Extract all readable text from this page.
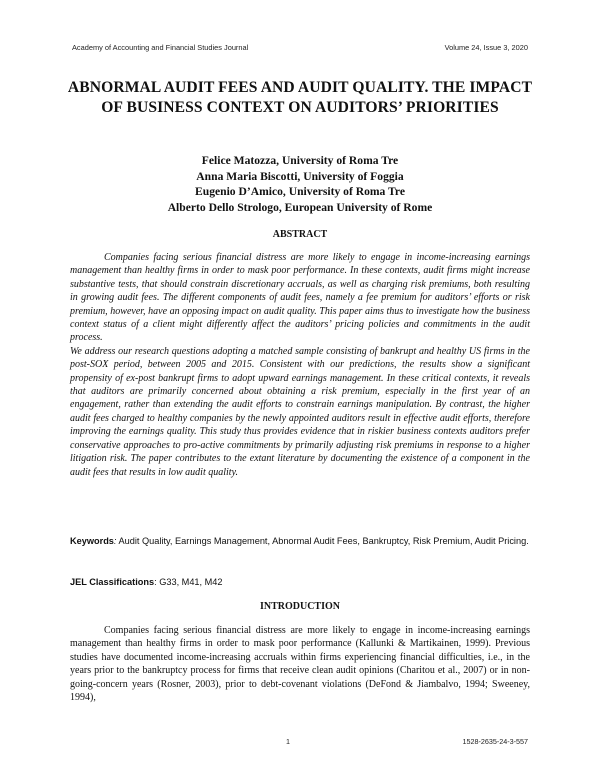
Academy of Accounting and Financial Studies Journal	Volume 24, Issue 3, 2020
ABNORMAL AUDIT FEES AND AUDIT QUALITY. THE IMPACT OF BUSINESS CONTEXT ON AUDITORS’ PRIORITIES
Felice Matozza, University of Roma Tre
Anna Maria Biscotti, University of Foggia
Eugenio D’Amico, University of Roma Tre
Alberto Dello Strologo, European University of Rome
ABSTRACT

Companies facing serious financial distress are more likely to engage in income-increasing earnings management than healthy firms in order to mask poor performance. In these contexts, audit firms might increase substantive tests, that should constrain discretionary accruals, as well as charging risk premiums, both resulting in growing audit fees. The different components of audit fees, namely a fee premium for auditors’ efforts or risk premium, however, have an opposing impact on audit quality. This paper aims thus to investigate how the business context status of a client might differently affect the auditors’ pricing policies and commitments in the audit process.

We address our research questions adopting a matched sample consisting of bankrupt and healthy US firms in the post-SOX period, between 2005 and 2015. Consistent with our predictions, the results show a significant propensity of ex-post bankrupt firms to adopt upward earnings management. In these critical contexts, it reveals that auditors are primarily concerned about obtaining a risk premium, especially in the first year of an engagement, rather than extending the audit efforts to constrain earnings manipulation. By contrast, the higher audit fees charged to healthy companies by the newly appointed auditors result in effective audit efforts, therefore improving the earnings quality. This study thus provides evidence that in riskier business contexts auditors prefer conservative approaches to pro-active commitments by primarily adjusting risk premiums in response to a higher litigation risk. The paper contributes to the extant literature by documenting the existence of a component in the audit fees that results in low audit quality.

Keywords: Audit Quality, Earnings Management, Abnormal Audit Fees, Bankruptcy, Risk Premium, Audit Pricing.
JEL Classifications: G33, M41, M42
INTRODUCTION

Companies facing serious financial distress are more likely to engage in income-increasing earnings management than healthy firms in order to mask poor performance (Kallunki & Martikainen, 1999). Previous studies have documented income-increasing accruals within firms experiencing financial difficulties, i.e., in the years prior to the bankruptcy process for firms that receive clean audit opinions (Charitou et al., 2007) or in non-going-concern years (Rosner, 2003), prior to debt-covenant violations (DeFond & Jiambalvo, 1994; Sweeney, 1994),

1	1528-2635-24-3-557
